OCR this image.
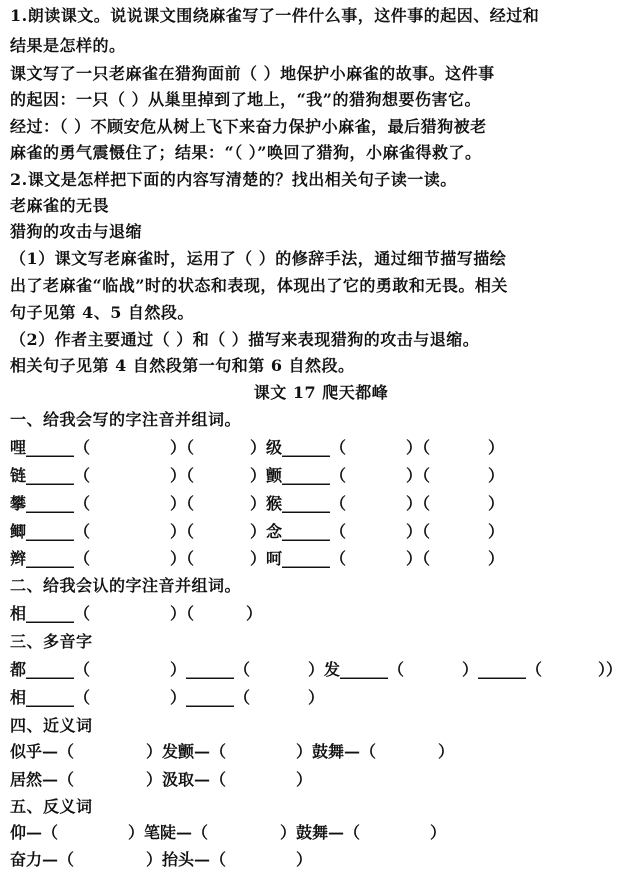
1.朗读课文。说说课文围绕麻雀写了一件什么事，这件事的起因、经过和
结果是怎样的。
课文写了一只老麻雀在猎狗面前（ ）地保护小麻雀的故事。这件事
的起因：一只（ ）从巢里掉到了地上，“我”的猎狗想要伤害它。
经过：（ ）不顾安危从树上飞下来奋力保护小麻雀，最后猎狗被老
麻雀的勇气震慑住了；结果：“（ ）”唤回了猎狗，小麻雀得救了。
2.课文是怎样把下面的内容写清楚的？找出相关句子读一读。
老麻雀的无畏
猎狗的攻击与退缩
（1）课文写老麻雀时，运用了（ ）的修辞手法，通过细节描写描绘
出了老麻雀“临战”时的状态和表现，体现出了它的勇敢和无畏。相关
句子见第 4、5 自然段。
（2）作者主要通过（ ）和（ ）描写来表现猎狗的攻击与退缩。
相关句子见第 4 自然段第一句和第 6 自然段。
课文 17 爬天都峰
一、给我会写的字注音并组词。
哩______（	）（	）级______（	）（	）
链______（	）（	）颤______（	）（	）
攀______（	）（	）猴______（	）（	）
鲫______（	）（	）念______（	）（	）
辫______（	）（	）呵______（	）（	）
二、给我会认的字注音并组词。
相______（	）（	）
三、多音字
都______（	）______（	）发______（	）______（	））
相______（	）______（	）
四、近义词
似乎—（	）发颤—（	）鼓舞—（	）
居然—（	）汲取—（	）
五、反义词
仰—（	）笔陡—（	）鼓舞—（	）
奋力—（	）抬头—（	）
